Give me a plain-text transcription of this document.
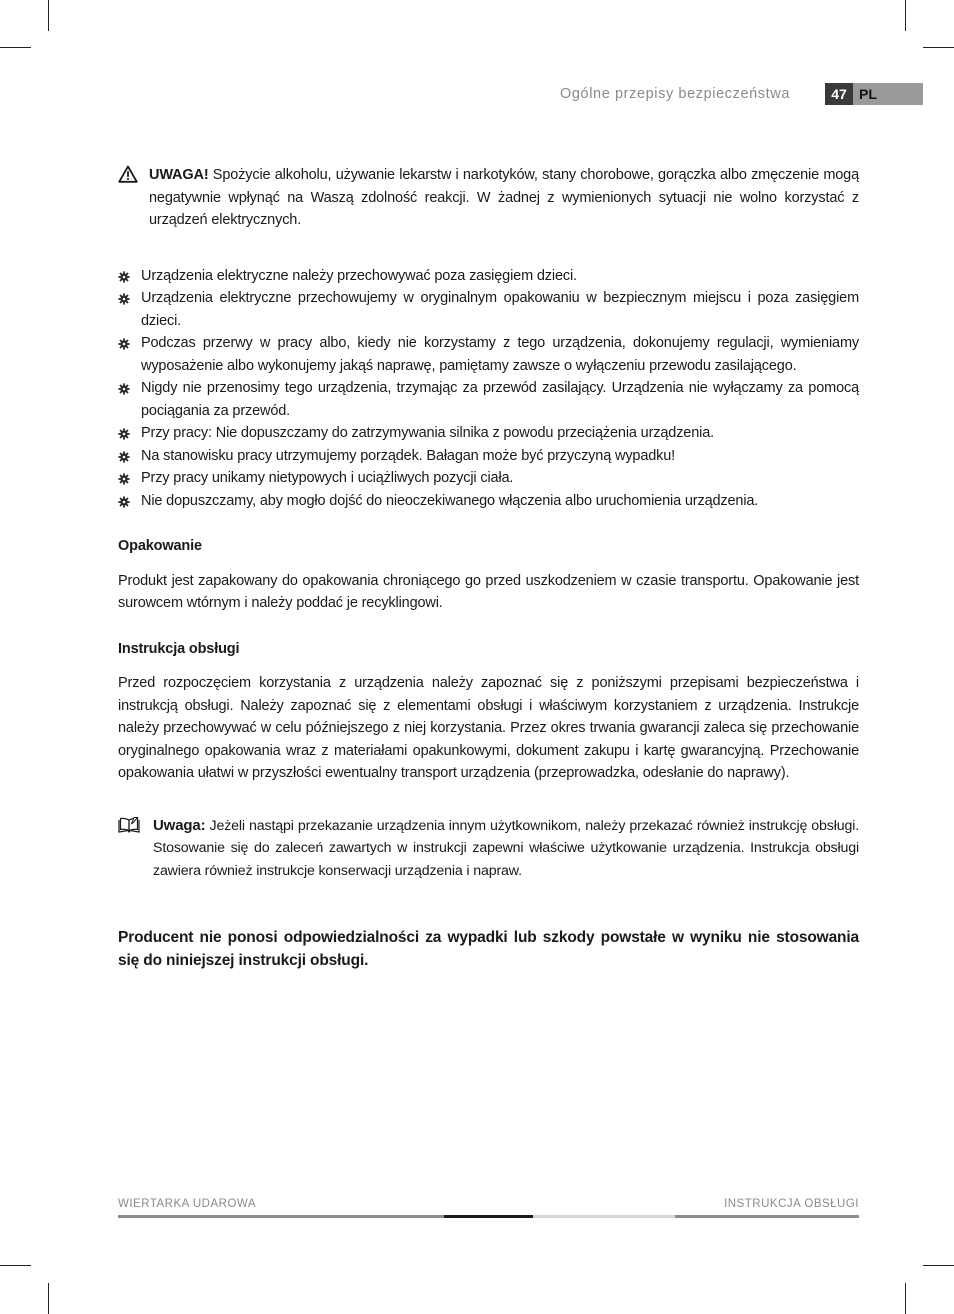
Ogólne przepisy bezpieczeństwa	47 PL
UWAGA! Spożycie alkoholu, używanie lekarstw i narkotyków, stany chorobowe, gorączka albo zmęczenie mogą negatywnie wpłynąć na Waszą zdolność reakcji. W żadnej z wymienionych sytuacji nie wolno korzystać z urządzeń elektrycznych.
Urządzenia elektryczne należy przechowywać poza zasięgiem dzieci.
Urządzenia elektryczne przechowujemy w oryginalnym opakowaniu w bezpiecznym miejscu i poza zasięgiem dzieci.
Podczas przerwy w pracy albo, kiedy nie korzystamy z tego urządzenia, dokonujemy regulacji, wymieniamy wyposażenie albo wykonujemy jakąś naprawę, pamiętamy zawsze o wyłączeniu przewodu zasilającego.
Nigdy nie przenosimy tego urządzenia, trzymając za przewód zasilający. Urządzenia nie wyłączamy za pomocą pociągania za przewód.
Przy pracy: Nie dopuszczamy do zatrzymywania silnika z powodu przeciążenia urządzenia.
Na stanowisku pracy utrzymujemy porządek. Bałagan może być przyczyną wypadku!
Przy pracy unikamy nietypowych i uciążliwych pozycji ciała.
Nie dopuszczamy, aby mogło dojść do nieoczekiwanego włączenia albo uruchomienia urządzenia.
Opakowanie
Produkt jest zapakowany do opakowania chroniącego go przed uszkodzeniem w czasie transportu. Opakowanie jest surowcem wtórnym i należy poddać je recyklingowi.
Instrukcja obsługi
Przed rozpoczęciem korzystania z urządzenia należy zapoznać się z poniższymi przepisami bezpieczeństwa i instrukcją obsługi. Należy zapoznać się z elementami obsługi i właściwym korzystaniem z urządzenia. Instrukcje należy przechowywać w celu późniejszego z niej korzystania. Przez okres trwania gwarancji zaleca się przechowanie oryginalnego opakowania wraz z materiałami opakunkowymi, dokument zakupu i kartę gwarancyjną. Przechowanie opakowania ułatwi w przyszłości ewentualny transport urządzenia (przeprowadzka, odesłanie do naprawy).
Uwaga: Jeżeli nastąpi przekazanie urządzenia innym użytkownikom, należy przekazać również instrukcję obsługi. Stosowanie się do zaleceń zawartych w instrukcji zapewni właściwe użytkowanie urządzenia. Instrukcja obsługi zawiera również instrukcje konserwacji urządzenia i napraw.
Producent nie ponosi odpowiedzialności za wypadki lub szkody powstałe w wyniku nie stosowania się do niniejszej instrukcji obsługi.
WIERTARKA UDAROWA	INSTRUKCJA OBSŁUGI
